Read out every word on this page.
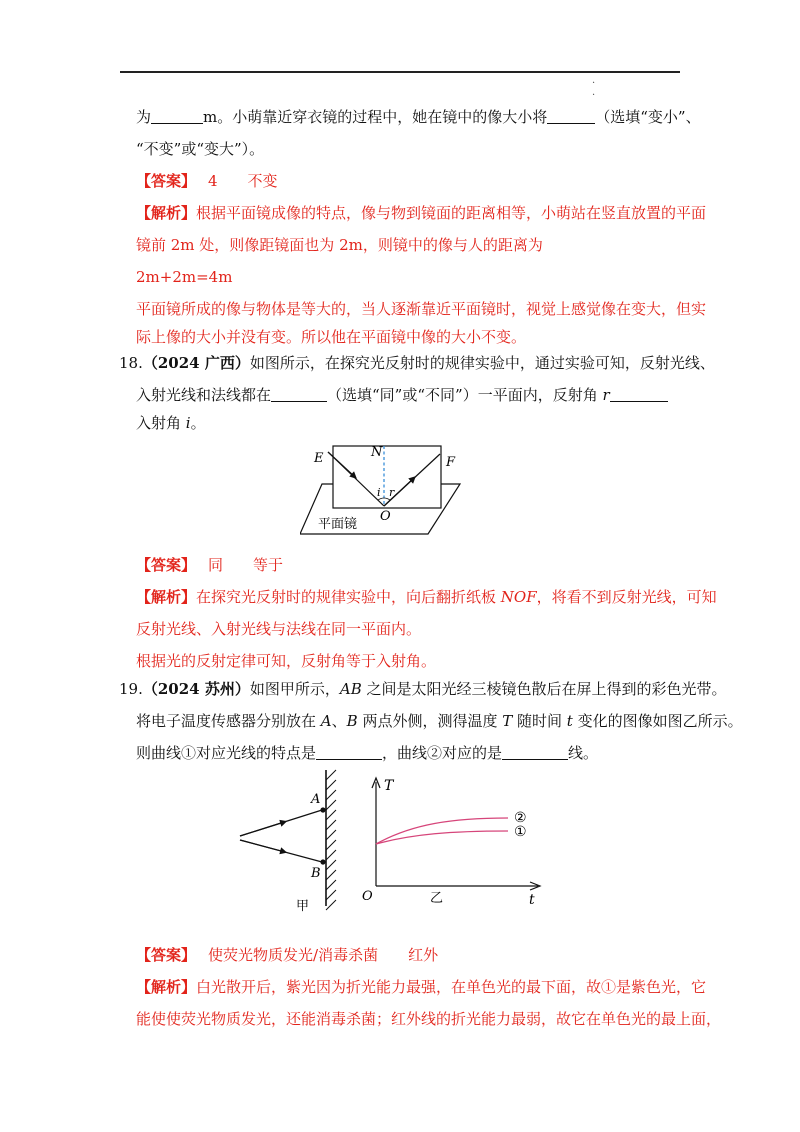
·
·
为	m。小萌靠近穿衣镜的过程中，她在镜中的像大小将	（选填“变小”、
“不变”或“变大”）。
【答案】 4　　不变
【解析】根据平面镜成像的特点，像与物到镜面的距离相等，小萌站在竖直放置的平面
镜前 2m 处，则像距镜面也为 2m，则镜中的像与人的距离为
2m+2m=4m
平面镜所成的像与物体是等大的，当人逐渐靠近平面镜时，视觉上感觉像在变大，但实
际上像的大小并没有变。所以他在平面镜中像的大小不变。
18.（2024 广西）如图所示，在探究光反射时的规律实验中，通过实验可知，反射光线、
入射光线和法线都在	（选填“同”或“不同”）一平面内，反射角 r
入射角 i。
E	N
F
i r
O
平面镜
【答案】 同　　等于
【解析】在探究光反射时的规律实验中，向后翻折纸板 NOF，将看不到反射光线，可知
反射光线、入射光线与法线在同一平面内。
根据光的反射定律可知，反射角等于入射角。
19.（2024 苏州）如图甲所示，AB 之间是太阳光经三棱镜色散后在屏上得到的彩色光带。
将电子温度传感器分别放在 A、B 两点外侧，测得温度 T 随时间 t 变化的图像如图乙所示。
则曲线①对应光线的特点是	，曲线②对应的是	线。
A
B
甲
T
O	乙	t
②
①
【答案】 使荧光物质发光/消毒杀菌　　红外
【解析】白光散开后，紫光因为折光能力最强，在单色光的最下面，故①是紫色光，它
能使使荧光物质发光，还能消毒杀菌；红外线的折光能力最弱，故它在单色光的最上面，
